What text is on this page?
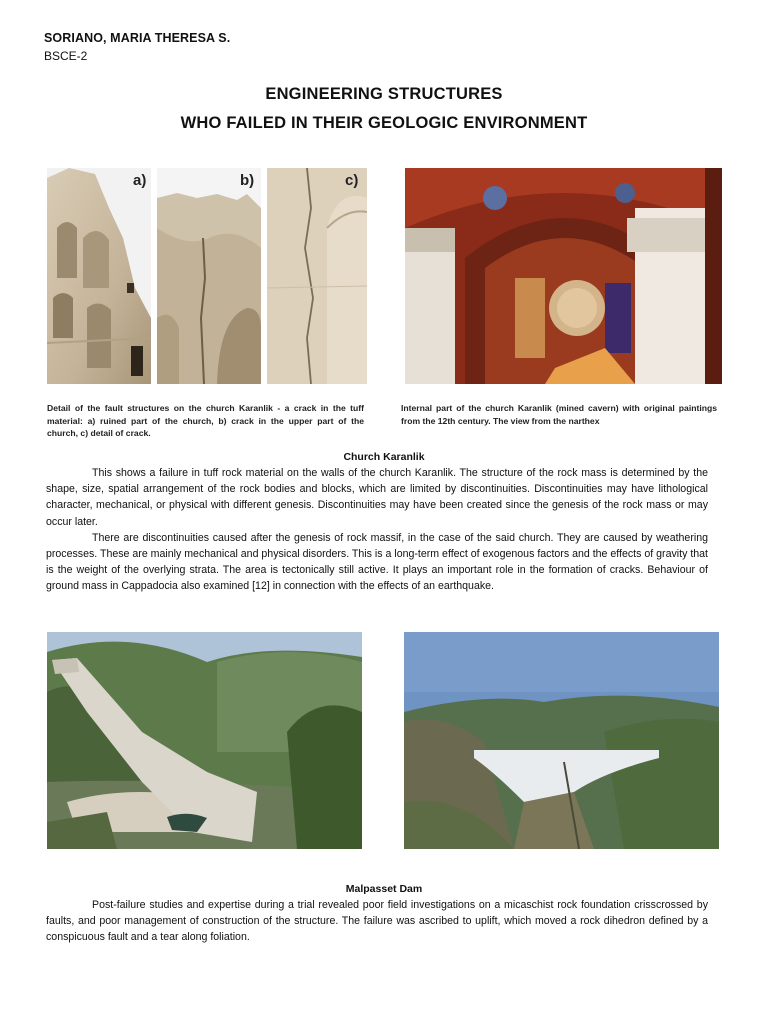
SORIANO, MARIA THERESA S.
BSCE-2
ENGINEERING STRUCTURES
WHO FAILED IN THEIR GEOLOGIC ENVIRONMENT
a)	b)	c)
Detail of the fault structures on the church Karanlik - a crack in the tuff material: a) ruined part of the church, b) crack in the upper part of the church, c) detail of crack.
Internal part of the church Karanlik (mined cavern) with original paintings from the 12th century. The view from the narthex
Church Karanlik

This shows a failure in tuff rock material on the walls of the church Karanlik. The structure of the rock mass is determined by the shape, size, spatial arrangement of the rock bodies and blocks, which are limited by discontinuities. Discontinuities may have lithological character, mechanical, or physical with different genesis. Discontinuities may have been created since the genesis of the rock mass or may occur later.

There are discontinuities caused after the genesis of rock massif, in the case of the said church. They are caused by weathering processes. These are mainly mechanical and physical disorders. This is a long-term effect of exogenous factors and the effects of gravity that is the weight of the overlying strata. The area is tectonically still active. It plays an important role in the formation of cracks. Behaviour of ground mass in Cappadocia also examined [12] in connection with the effects of an earthquake.

Malpasset Dam

Post-failure studies and expertise during a trial revealed poor field investigations on a micaschist rock foundation crisscrossed by faults, and poor management of construction of the structure. The failure was ascribed to uplift, which moved a rock dihedron defined by a conspicuous fault and a tear along foliation.
